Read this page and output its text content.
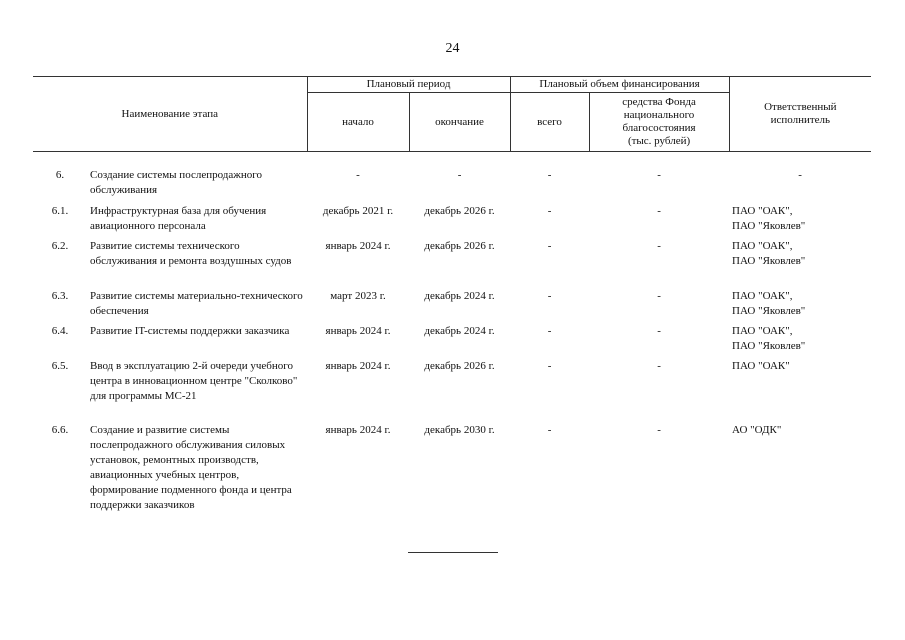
24
Наименование этапа		Плановый период		Плановый объем финансирования		Ответственный исполнитель
		начало	окончание	всего	средства Фонда
национального
благосостояния
(тыс. рублей)	

6.	Создание системы послепродажного обслуживания	-	-	-	-	-
6.1.	Инфраструктурная база для обучения авиационного персонала	декабрь 2021 г.	декабрь 2026 г.	-	-	ПАО "ОАК",
ПАО "Яковлев"
6.2.	Развитие системы технического обслуживания и ремонта воздушных судов	январь 2024 г.	декабрь 2026 г.	-	-	ПАО "ОАК",
ПАО "Яковлев"
6.3.	Развитие системы материально-технического обеспечения	март 2023 г.	декабрь 2024 г.	-	-	ПАО "ОАК",
ПАО "Яковлев"
6.4.	Развитие IT-системы поддержки заказчика	январь 2024 г.	декабрь 2024 г.	-	-	ПАО "ОАК",
ПАО "Яковлев"
6.5.	Ввод в эксплуатацию 2-й очереди учебного центра в инновационном центре "Сколково" для программы МС-21	январь 2024 г.	декабрь 2026 г.	-	-	ПАО "ОАК"
6.6.	Создание и развитие системы послепродажного обслуживания силовых установок, ремонтных производств, авиационных учебных центров, формирование подменного фонда и центра поддержки заказчиков	январь 2024 г.	декабрь 2030 г.	-	-	АО "ОДК"
